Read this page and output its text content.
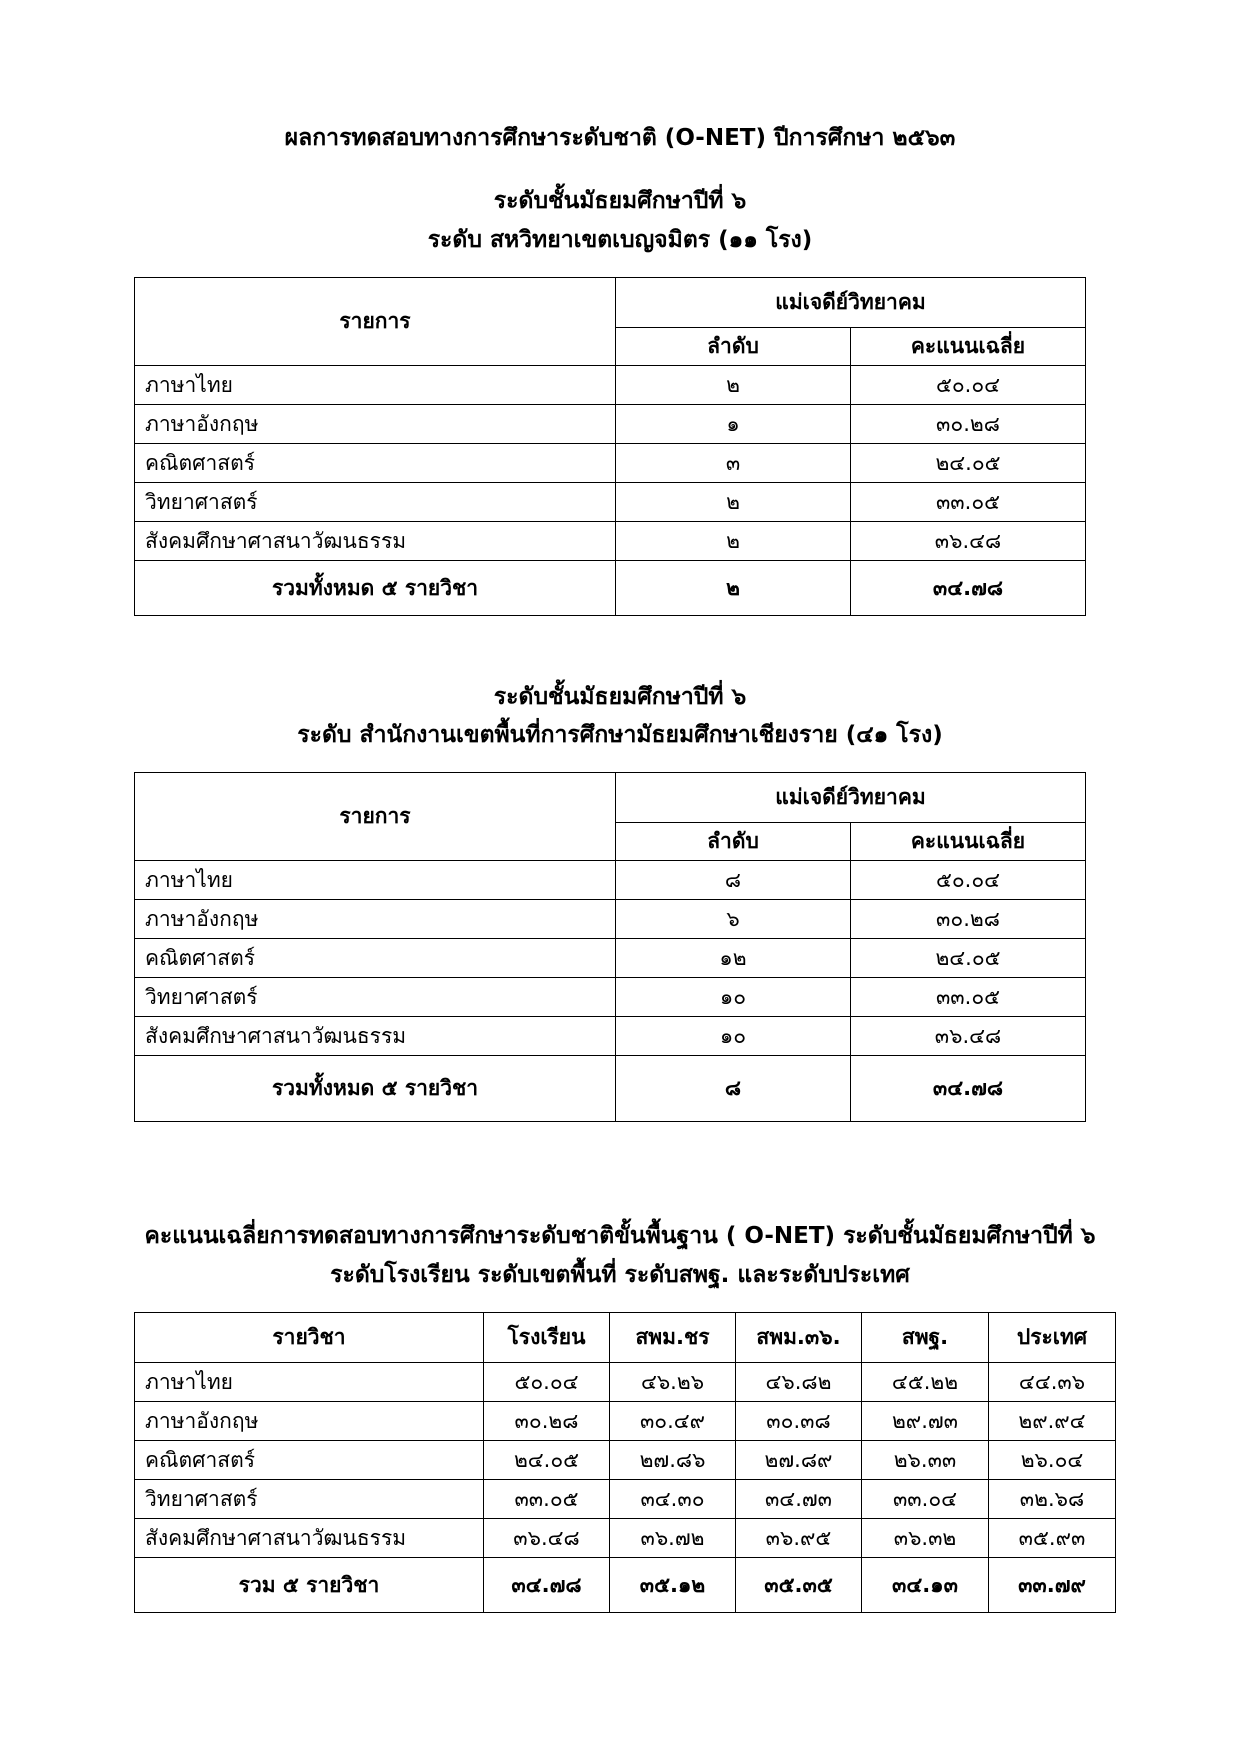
ผลการทดสอบทางการศึกษาระดับชาติ (O-NET) ปีการศึกษา ๒๕๖๓
ระดับชั้นมัธยมศึกษาปีที่ ๖
ระดับ สหวิทยาเขตเบญจมิตร (๑๑ โรง)
รายการ	แม่เจดีย์วิทยาคม	
	ลำดับ	คะแนนเฉลี่ย
ภาษาไทย	๒	๕๐.๐๔
ภาษาอังกฤษ	๑	๓๐.๒๘
คณิตศาสตร์	๓	๒๔.๐๕
วิทยาศาสตร์	๒	๓๓.๐๕
สังคมศึกษาศาสนาวัฒนธรรม	๒	๓๖.๔๘
รวมทั้งหมด ๕ รายวิชา	๒	๓๔.๗๘
ระดับชั้นมัธยมศึกษาปีที่ ๖
ระดับ สำนักงานเขตพื้นที่การศึกษามัธยมศึกษาเชียงราย (๔๑ โรง)
รายการ	แม่เจดีย์วิทยาคม	
	ลำดับ	คะแนนเฉลี่ย
ภาษาไทย	๘	๕๐.๐๔
ภาษาอังกฤษ	๖	๓๐.๒๘
คณิตศาสตร์	๑๒	๒๔.๐๕
วิทยาศาสตร์	๑๐	๓๓.๐๕
สังคมศึกษาศาสนาวัฒนธรรม	๑๐	๓๖.๔๘
รวมทั้งหมด ๕ รายวิชา	๘	๓๔.๗๘
คะแนนเฉลี่ยการทดสอบทางการศึกษาระดับชาติขั้นพื้นฐาน ( O-NET) ระดับชั้นมัธยมศึกษาปีที่ ๖
ระดับโรงเรียน ระดับเขตพื้นที่ ระดับสพฐ. และระดับประเทศ
รายวิชา	โรงเรียน	สพม.ชร	สพม.๓๖.	สพฐ.	ประเทศ
ภาษาไทย	๕๐.๐๔	๔๖.๒๖	๔๖.๘๒	๔๕.๒๒	๔๔.๓๖
ภาษาอังกฤษ	๓๐.๒๘	๓๐.๔๙	๓๐.๓๘	๒๙.๗๓	๒๙.๙๔
คณิตศาสตร์	๒๔.๐๕	๒๗.๘๖	๒๗.๘๙	๒๖.๓๓	๒๖.๐๔
วิทยาศาสตร์	๓๓.๐๕	๓๔.๓๐	๓๔.๗๓	๓๓.๐๔	๓๒.๖๘
สังคมศึกษาศาสนาวัฒนธรรม	๓๖.๔๘	๓๖.๗๒	๓๖.๙๕	๓๖.๓๒	๓๕.๙๓
รวม ๕ รายวิชา	๓๔.๗๘	๓๕.๑๒	๓๕.๓๕	๓๔.๑๓	๓๓.๗๙
